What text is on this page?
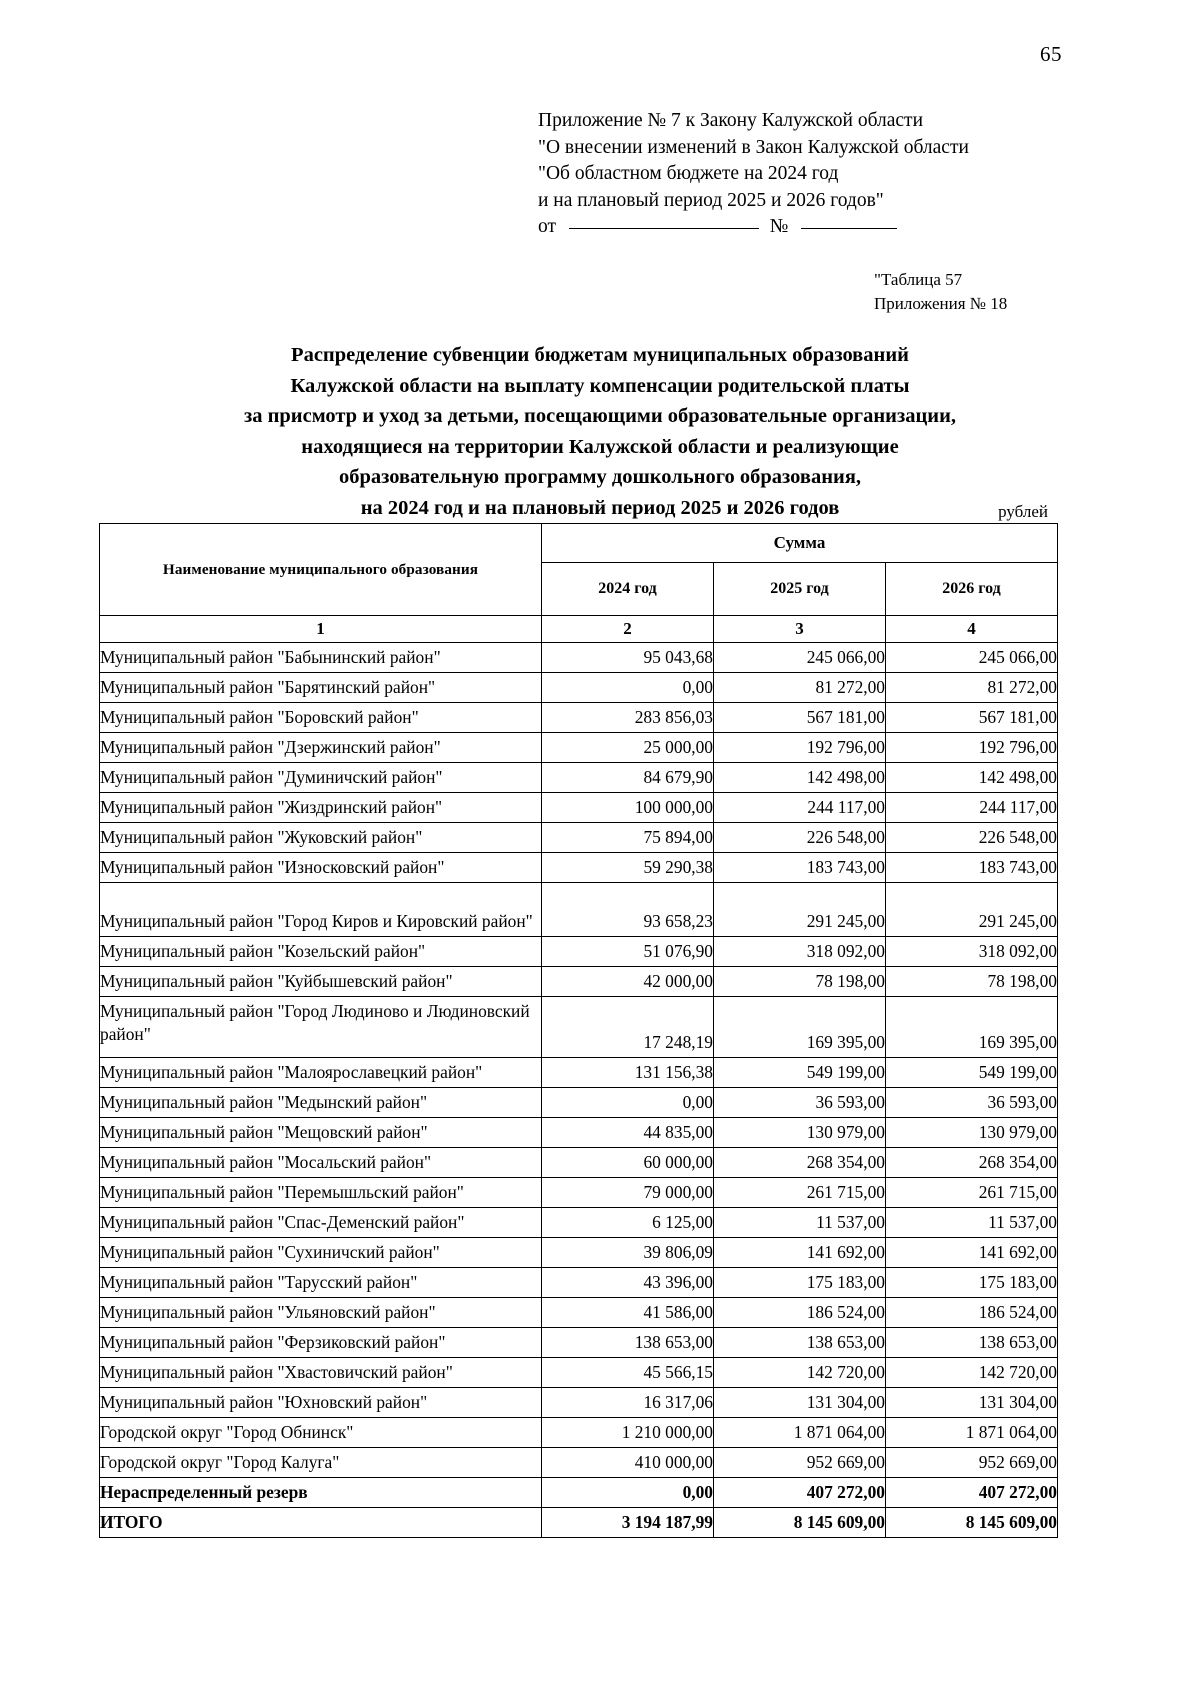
65
Приложение № 7 к Закону Калужской области
"О внесении изменений в Закон Калужской области
"Об областном бюджете на 2024 год
и на плановый период 2025 и 2026 годов"
от	№
"Таблица 57
Приложения № 18
Распределение субвенции бюджетам муниципальных образований
Калужской области на выплату компенсации родительской платы
за присмотр и уход за детьми, посещающими образовательные организации,
находящиеся на территории Калужской области и реализующие
образовательную программу дошкольного образования,
на 2024 год и на плановый период 2025 и 2026 годов	рублей
Наименование муниципального образования	Сумма		
	2024 год	2025 год	2026 год
1	2	3	4
Муниципальный район "Бабынинский район"	95 043,68	245 066,00	245 066,00
Муниципальный район "Барятинский район"	0,00	81 272,00	81 272,00
Муниципальный район "Боровский район"	283 856,03	567 181,00	567 181,00
Муниципальный район "Дзержинский район"	25 000,00	192 796,00	192 796,00
Муниципальный район "Думиничский район"	84 679,90	142 498,00	142 498,00
Муниципальный район "Жиздринский район"	100 000,00	244 117,00	244 117,00
Муниципальный район "Жуковский район"	75 894,00	226 548,00	226 548,00
Муниципальный район "Износковский район"	59 290,38	183 743,00	183 743,00
Муниципальный район "Город Киров и Кировский район"	93 658,23	291 245,00	291 245,00
Муниципальный район "Козельский район"	51 076,90	318 092,00	318 092,00
Муниципальный район "Куйбышевский район"	42 000,00	78 198,00	78 198,00
Муниципальный район "Город Людиново и Людиновский район"	17 248,19	169 395,00	169 395,00
Муниципальный район "Малоярославецкий район"	131 156,38	549 199,00	549 199,00
Муниципальный район "Медынский район"	0,00	36 593,00	36 593,00
Муниципальный район "Мещовский район"	44 835,00	130 979,00	130 979,00
Муниципальный район "Мосальский район"	60 000,00	268 354,00	268 354,00
Муниципальный район "Перемышльский район"	79 000,00	261 715,00	261 715,00
Муниципальный район "Спас-Деменский район"	6 125,00	11 537,00	11 537,00
Муниципальный район "Сухиничский район"	39 806,09	141 692,00	141 692,00
Муниципальный район "Тарусский район"	43 396,00	175 183,00	175 183,00
Муниципальный район "Ульяновский район"	41 586,00	186 524,00	186 524,00
Муниципальный район "Ферзиковский район"	138 653,00	138 653,00	138 653,00
Муниципальный район "Хвастовичский район"	45 566,15	142 720,00	142 720,00
Муниципальный район "Юхновский район"	16 317,06	131 304,00	131 304,00
Городской округ "Город Обнинск"	1 210 000,00	1 871 064,00	1 871 064,00
Городской округ "Город Калуга"	410 000,00	952 669,00	952 669,00
Нераспределенный резерв	0,00	407 272,00	407 272,00
ИТОГО	3 194 187,99	8 145 609,00	8 145 609,00
